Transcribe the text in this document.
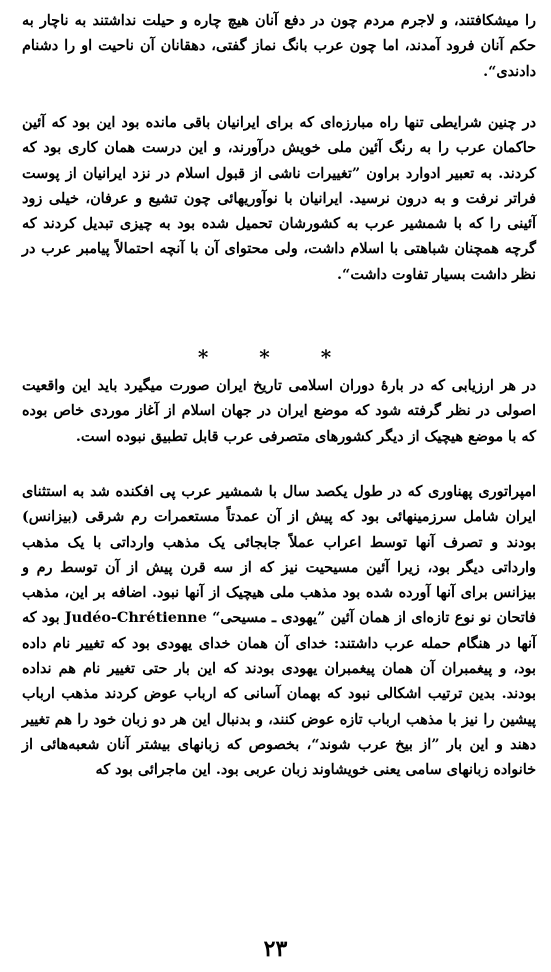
را میشکافتند، و لاجرم مردم چون در دفع آنان هیچ چاره و حیلت نداشتند به ناچار به حکم آنان فرود آمدند، اما چون عرب بانگ نماز گفتی، دهقانان آن ناحیت او را دشنام دادندی“.

در چنین شرایطی تنها راه مبارزه‌ای که برای ایرانیان باقی مانده بود این بود که آئین حاکمان عرب را به رنگ آئین ملی خویش درآورند، و این درست همان کاری بود که کردند. به تعبیر ادوارد براون ”تغییرات ناشی از قبول اسلام در نزد ایرانیان از پوست فراتر نرفت و به درون نرسید. ایرانیان با نوآوریهائی چون تشیع و عرفان، خیلی زود آئینی را که با شمشیر عرب به کشورشان تحمیل شده بود به چیزی تبدیل کردند که گرچه همچنان شباهتی با اسلام داشت، ولی محتوای آن با آنچه احتمالاً پیامبر عرب در نظر داشت بسیار تفاوت داشت“.

* * *

در هر ارزیابی که در بارهٔ دوران اسلامی تاریخ ایران صورت میگیرد باید این واقعیت اصولی در نظر گرفته شود که موضع ایران در جهان اسلام از آغاز موردی خاص بوده که با موضع هیچیک از دیگر کشورهای متصرفی عرب قابل تطبیق نبوده است.

امپراتوری پهناوری که در طول یکصد سال با شمشیر عرب پی افکنده شد به استثنای ایران شامل سرزمینهائی بود که پیش از آن عمدتاً مستعمرات رم شرقی (بیزانس) بودند و تصرف آنها توسط اعراب عملاً جابجائی یک مذهب وارداتی با یک مذهب وارداتی دیگر بود، زیرا آئین مسیحیت نیز که از سه قرن پیش از آن توسط رم و بیزانس برای آنها آورده شده بود مذهب ملی هیچیک از آنها نبود. اضافه بر این، مذهب فاتحان نو نوع تازه‌ای از همان آئین ”یهودی ـ مسیحی“ Judéo-Chrétienne بود که آنها در هنگام حمله عرب داشتند: خدای آن همان خدای یهودی بود که تغییر نام داده بود، و پیغمبران آن همان پیغمبران یهودی بودند که این بار حتی تغییر نام هم نداده بودند. بدین ترتیب اشکالی نبود که بهمان آسانی که ارباب عوض کردند مذهب ارباب پیشین را نیز با مذهب ارباب تازه عوض کنند، و بدنبال این هر دو زبان خود را هم تغییر دهند و این بار ”از بیخ عرب شوند“، بخصوص که زبانهای بیشتر آنان شعبه‌هائی از خانواده زبانهای سامی یعنی خویشاوند زبان عربی بود. این ماجرائی بود که

۲۳
